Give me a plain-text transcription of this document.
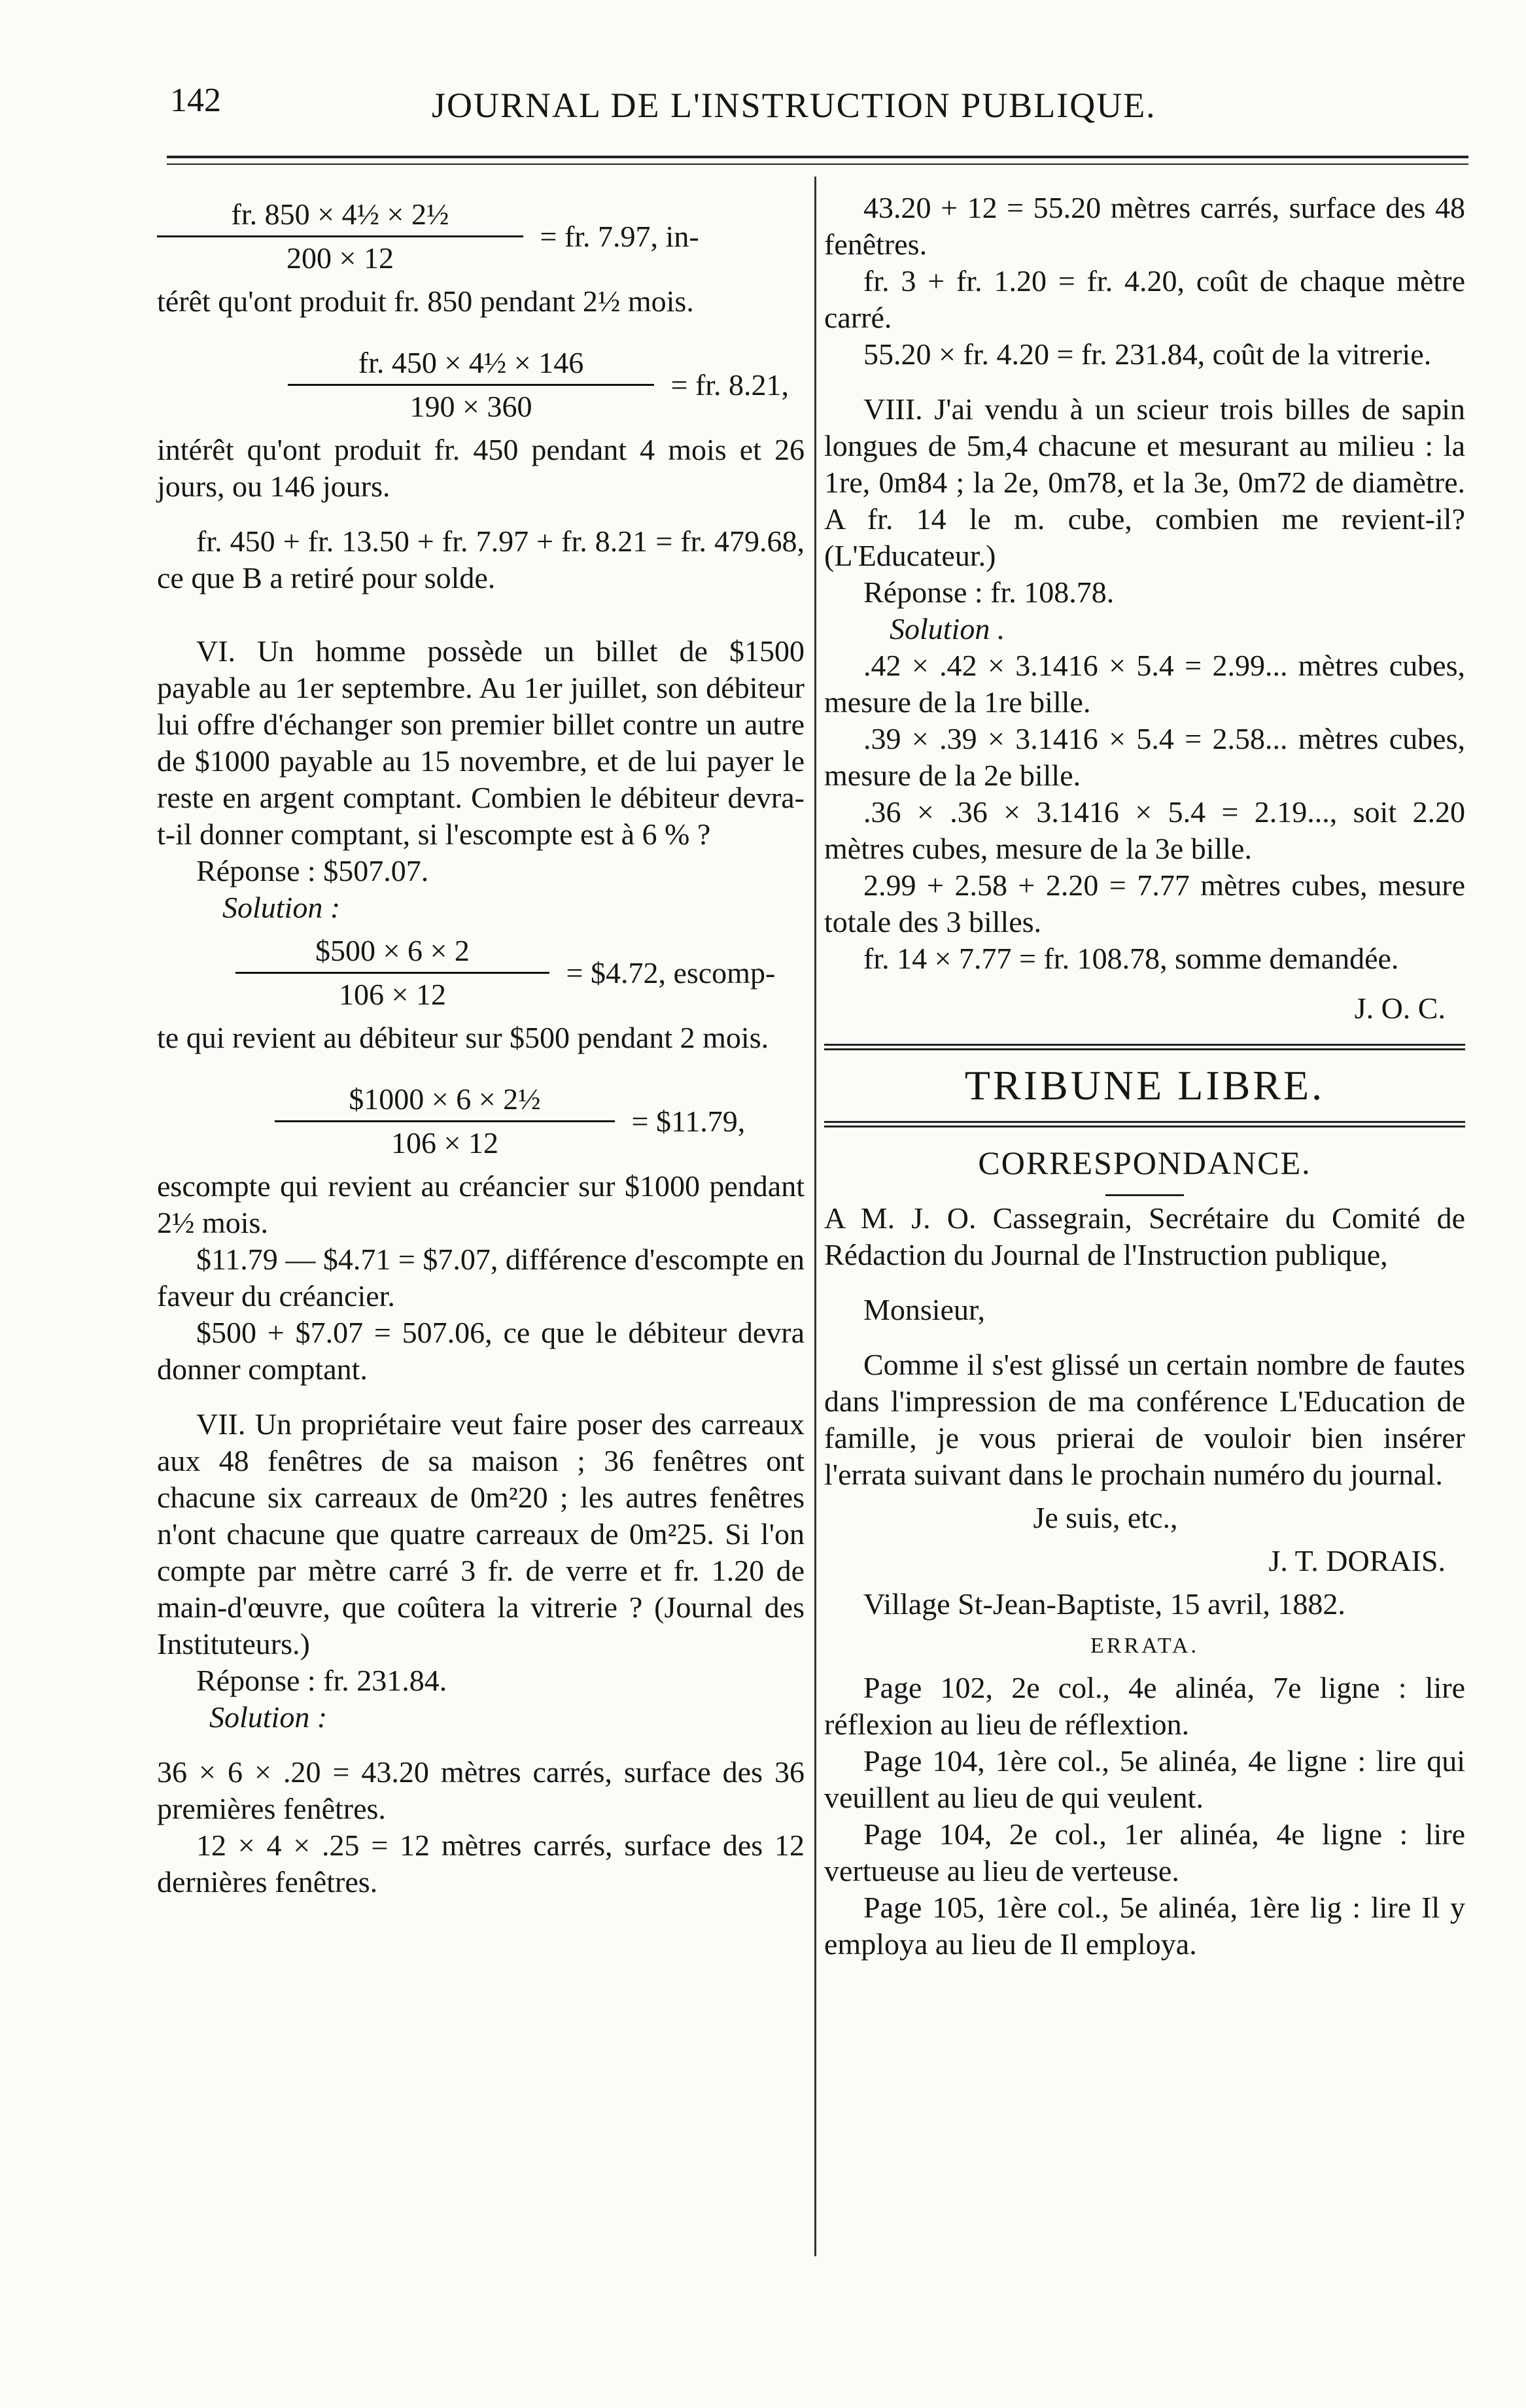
142	JOURNAL DE L'INSTRUCTION PUBLIQUE.
$\frac{\text{fr. 850 × 4½ × 2½}}{200 \times 12}$ = fr. 7.97, in-

térêt qu'ont produit fr. 850 pendant 2½ mois.

$\frac{\text{fr. 450 × 4½ × 146}}{190 \times 360}$ = fr. 8.21,

intérêt qu'ont produit fr. 450 pendant 4 mois et 26 jours, ou 146 jours.

fr. 450 + fr. 13.50 + fr. 7.97 + fr. 8.21 = fr. 479.68, ce que B a retiré pour solde.

VI. Un homme possède un billet de $1500 payable au 1er septembre. Au 1er juillet, son débiteur lui offre d'échanger son premier billet contre un autre de $1000 payable au 15 novembre, et de lui payer le reste en argent comptant. Combien le débiteur devra-t-il donner comptant, si l'escompte est à 6 % ?

Réponse : $507.07.

Solution :

$\frac{\$500 \times 6 \times 2}{106 \times 12}$ = $4.72, escomp-

te qui revient au débiteur sur $500 pendant 2 mois.

$\frac{\text{\$1000 × 6 × 2½}}{106 \times 12}$ = $11.79,

escompte qui revient au créancier sur $1000 pendant 2½ mois.

$11.79 — $4.71 = $7.07, différence d'escompte en faveur du créancier.

$500 + $7.07 = 507.06, ce que le débiteur devra donner comptant.

VII. Un propriétaire veut faire poser des carreaux aux 48 fenêtres de sa maison ; 36 fenêtres ont chacune six carreaux de 0m²20 ; les autres fenêtres n'ont chacune que quatre carreaux de 0m²25. Si l'on compte par mètre carré 3 fr. de verre et fr. 1.20 de main-d'œuvre, que coûtera la vitrerie ? (Journal des Instituteurs.)

Réponse : fr. 231.84.

Solution :

36 × 6 × .20 = 43.20 mètres carrés, surface des 36 premières fenêtres.

12 × 4 × .25 = 12 mètres carrés, surface des 12 dernières fenêtres.

43.20 + 12 = 55.20 mètres carrés, surface des 48 fenêtres.

fr. 3 + fr. 1.20 = fr. 4.20, coût de chaque mètre carré.

55.20 × fr. 4.20 = fr. 231.84, coût de la vitrerie.

VIII. J'ai vendu à un scieur trois billes de sapin longues de 5m,4 chacune et mesurant au milieu : la 1re, 0m84 ; la 2e, 0m78, et la 3e, 0m72 de diamètre. A fr. 14 le m. cube, combien me revient-il? (L'Educateur.)

Réponse : fr. 108.78.

Solution .

.42 × .42 × 3.1416 × 5.4 = 2.99... mètres cubes, mesure de la 1re bille.

.39 × .39 × 3.1416 × 5.4 = 2.58... mètres cubes, mesure de la 2e bille.

.36 × .36 × 3.1416 × 5.4 = 2.19..., soit 2.20 mètres cubes, mesure de la 3e bille.

2.99 + 2.58 + 2.20 = 7.77 mètres cubes, mesure totale des 3 billes.

fr. 14 × 7.77 = fr. 108.78, somme demandée.

J. O. C.

TRIBUNE LIBRE.
CORRESPONDANCE.

A M. J. O. Cassegrain, Secrétaire du Comité de Rédaction du Journal de l'Instruction publique,

Monsieur,

Comme il s'est glissé un certain nombre de fautes dans l'impression de ma conférence L'Education de famille, je vous prierai de vouloir bien insérer l'errata suivant dans le prochain numéro du journal.

Je suis, etc.,

J. T. DORAIS.

Village St-Jean-Baptiste, 15 avril, 1882.

ERRATA.

Page 102, 2e col., 4e alinéa, 7e ligne : lire réflexion au lieu de réflextion.

Page 104, 1ère col., 5e alinéa, 4e ligne : lire qui veuillent au lieu de qui veulent.

Page 104, 2e col., 1er alinéa, 4e ligne : lire vertueuse au lieu de verteuse.

Page 105, 1ère col., 5e alinéa, 1ère lig : lire Il y employa au lieu de Il employa.
